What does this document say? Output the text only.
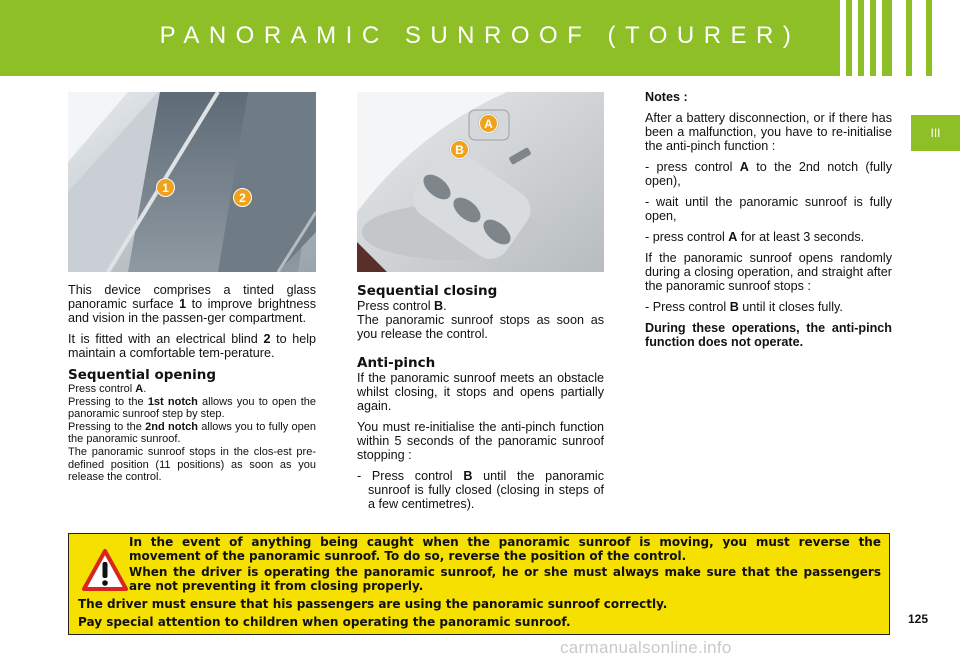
PANORAMIC SUNROOF (TOURER)
III
1
2
A
B

This device comprises a tinted glass panoramic surface 1 to improve brightness and vision in the passen-ger compartment.

It is fitted with an electrical blind 2 to help maintain a comfortable tem-perature.

Sequential opening
Press control A.
Pressing to the 1st notch allows you to open the panoramic sunroof step by step.
Pressing to the 2nd notch allows you to fully open the panoramic sunroof.
The panoramic sunroof stops in the clos-est pre-defined position (11 positions) as soon as you release the control.
Sequential closing
Press control B.

The panoramic sunroof stops as soon as you release the control.

Anti-pinch

If the panoramic sunroof meets an obstacle whilst closing, it stops and opens partially again.

You must re-initialise the anti-pinch function within 5 seconds of the panoramic sunroof stopping :

- Press control B until the panoramic sunroof is fully closed (closing in steps of a few centimetres).

Notes :

After a battery disconnection, or if there has been a malfunction, you have to re-initialise the anti-pinch function :

- press control A to the 2nd notch (fully open),

- wait until the panoramic sunroof is fully open,

- press control A for at least 3 seconds.

If the panoramic sunroof opens randomly during a closing operation, and straight after the panoramic sunroof stops :

- Press control B until it closes fully.

During these operations, the anti-pinch function does not operate.

In the event of anything being caught when the panoramic sunroof is moving, you must reverse the movement of the panoramic sunroof. To do so, reverse the position of the control.
When the driver is operating the panoramic sunroof, he or she must always make sure that the passengers are not preventing it from closing properly.
The driver must ensure that his passengers are using the panoramic sunroof correctly.
Pay special attention to children when operating the panoramic sunroof.	125
carmanualsonline.info
